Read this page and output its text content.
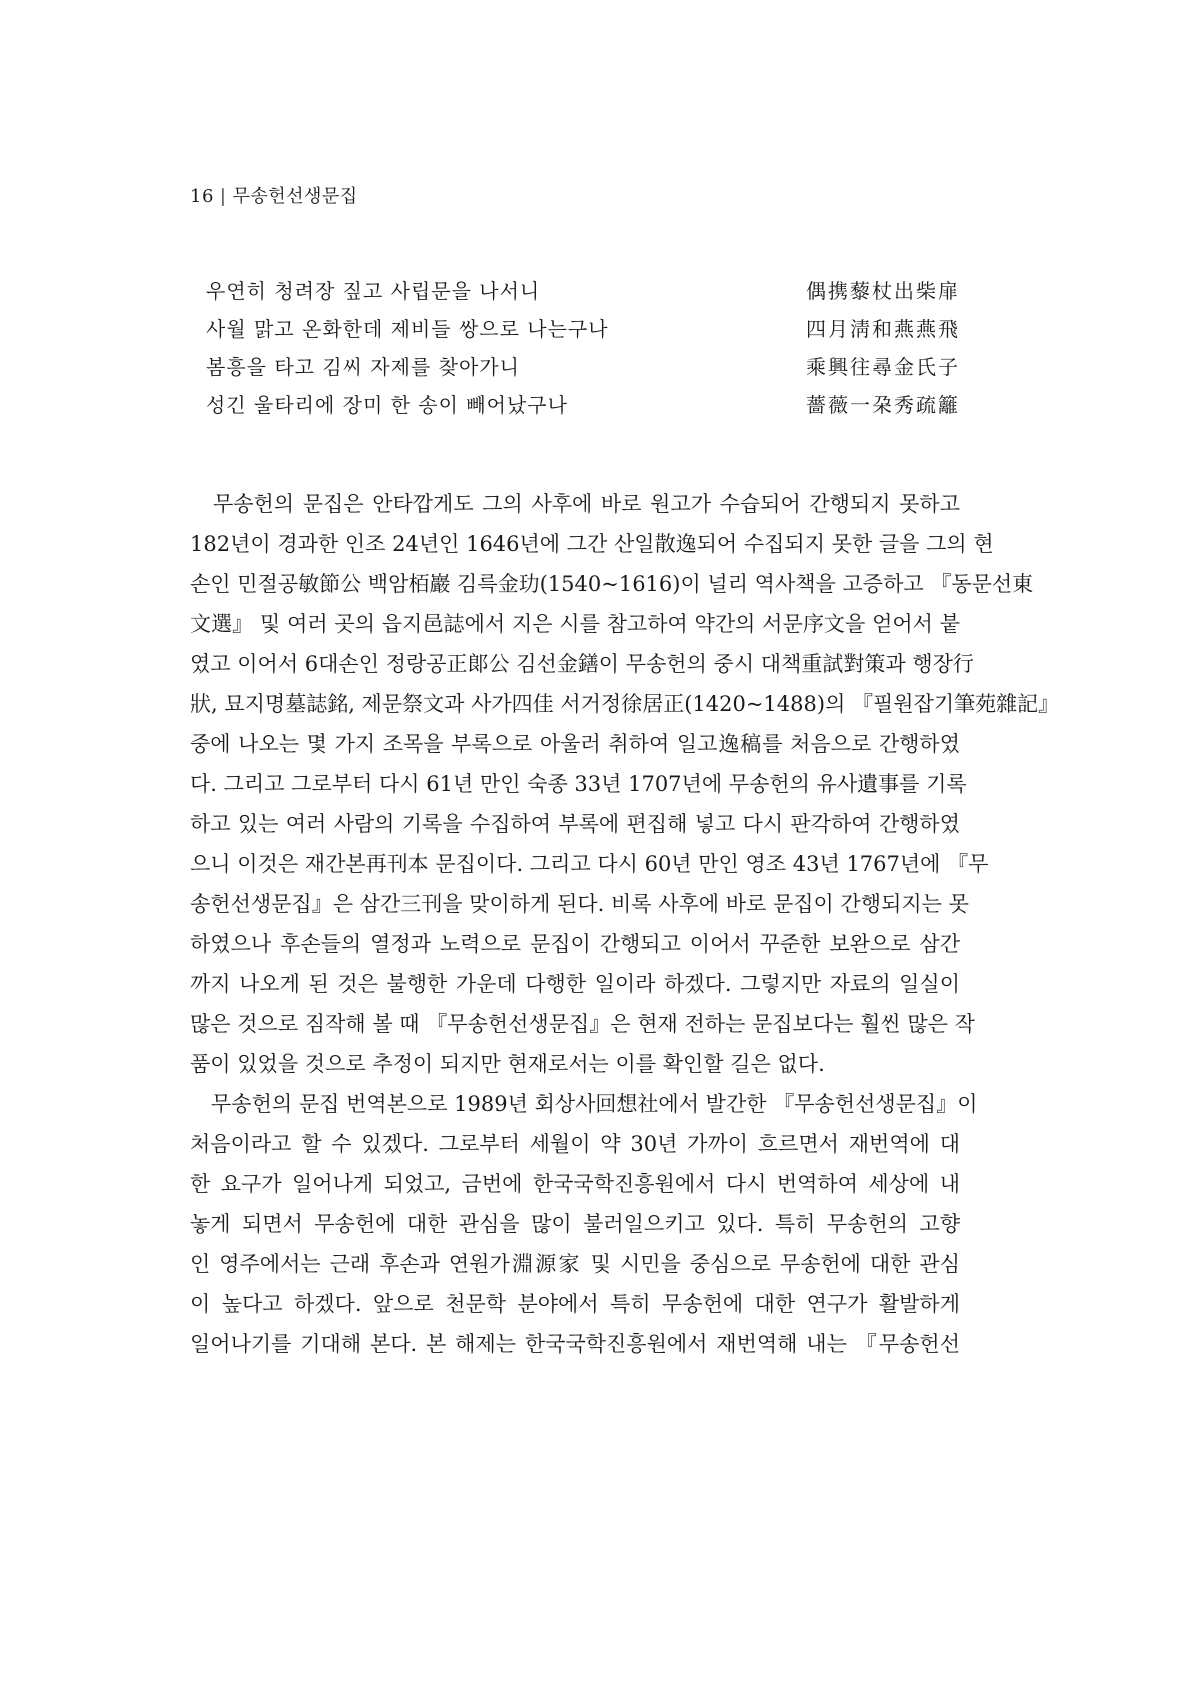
16 | 무송헌선생문집
우연히 청려장 짚고 사립문을 나서니	偶携藜杖出柴扉
사월 맑고 온화한데 제비들 쌍으로 나는구나	四月淸和燕燕飛
봄흥을 타고 김씨 자제를 찾아가니	乘興往尋金氏子
성긴 울타리에 장미 한 송이 빼어났구나	薔薇一朶秀疏籬

　무송헌의 문집은 안타깝게도 그의 사후에 바로 원고가 수습되어 간행되지 못하고
182년이 경과한 인조 24년인 1646년에 그간 산일散逸되어 수집되지 못한 글을 그의 현
손인 민절공敏節公 백암栢巖 김륵金玏(1540~1616)이 널리 역사책을 고증하고 『동문선東
文選』 및 여러 곳의 읍지邑誌에서 지은 시를 참고하여 약간의 서문序文을 얻어서 붙
였고 이어서 6대손인 정랑공正郞公 김선金鐥이 무송헌의 중시 대책重試對策과 행장行
狀, 묘지명墓誌銘, 제문祭文과 사가四佳 서거정徐居正(1420~1488)의 『필원잡기筆苑雜記』
중에 나오는 몇 가지 조목을 부록으로 아울러 취하여 일고逸稿를 처음으로 간행하였
다. 그리고 그로부터 다시 61년 만인 숙종 33년 1707년에 무송헌의 유사遺事를 기록
하고 있는 여러 사람의 기록을 수집하여 부록에 편집해 넣고 다시 판각하여 간행하였
으니 이것은 재간본再刊本 문집이다. 그리고 다시 60년 만인 영조 43년 1767년에 『무
송헌선생문집』은 삼간三刊을 맞이하게 된다. 비록 사후에 바로 문집이 간행되지는 못
하였으나 후손들의 열정과 노력으로 문집이 간행되고 이어서 꾸준한 보완으로 삼간
까지 나오게 된 것은 불행한 가운데 다행한 일이라 하겠다. 그렇지만 자료의 일실이
많은 것으로 짐작해 볼 때 『무송헌선생문집』은 현재 전하는 문집보다는 훨씬 많은 작
품이 있었을 것으로 추정이 되지만 현재로서는 이를 확인할 길은 없다.

　무송헌의 문집 번역본으로 1989년 회상사回想社에서 발간한 『무송헌선생문집』이
처음이라고 할 수 있겠다. 그로부터 세월이 약 30년 가까이 흐르면서 재번역에 대
한 요구가 일어나게 되었고, 금번에 한국국학진흥원에서 다시 번역하여 세상에 내
놓게 되면서 무송헌에 대한 관심을 많이 불러일으키고 있다. 특히 무송헌의 고향
인 영주에서는 근래 후손과 연원가淵源家 및 시민을 중심으로 무송헌에 대한 관심
이 높다고 하겠다. 앞으로 천문학 분야에서 특히 무송헌에 대한 연구가 활발하게
일어나기를 기대해 본다. 본 해제는 한국국학진흥원에서 재번역해 내는 『무송헌선
